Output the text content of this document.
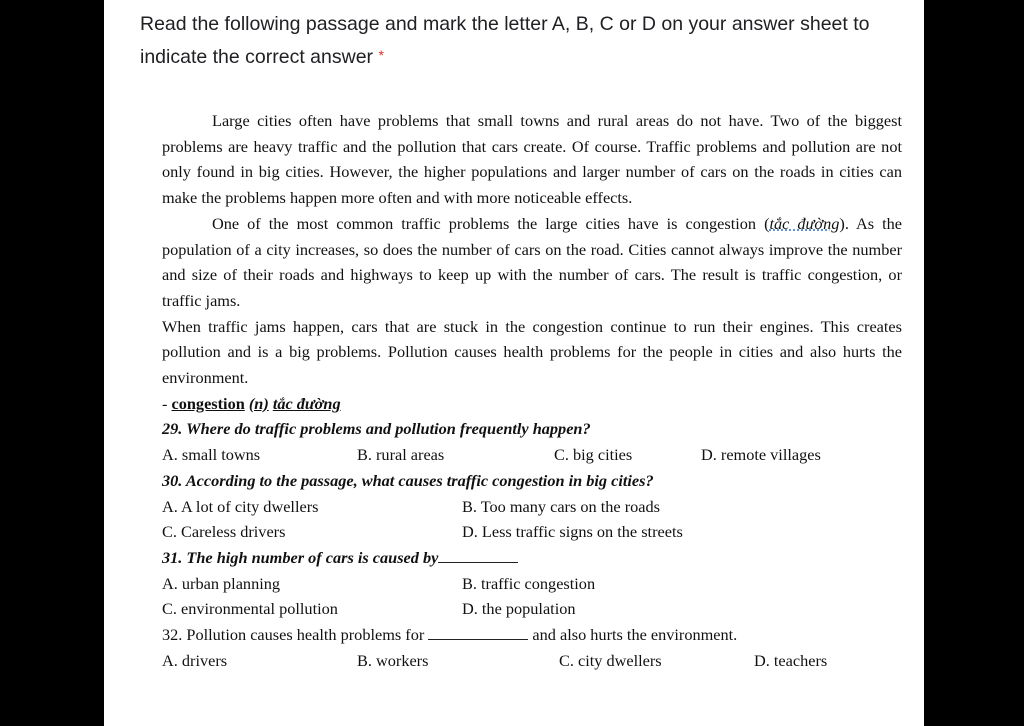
Read the following passage and mark the letter A, B, C or D on your answer sheet to indicate the correct answer *

Large cities often have problems that small towns and rural areas do not have. Two of the biggest problems are heavy traffic and the pollution that cars create. Of course. Traffic problems and pollution are not only found in big cities. However, the higher populations and larger number of cars on the roads in cities can make the problems happen more often and with more noticeable effects.

One of the most common traffic problems the large cities have is congestion (tắc đường). As the population of a city increases, so does the number of cars on the road. Cities cannot always improve the number and size of their roads and highways to keep up with the number of cars. The result is traffic congestion, or traffic jams.

When traffic jams happen, cars that are stuck in the congestion continue to run their engines. This creates pollution and is a big problems. Pollution causes health problems for the people in cities and also hurts the environment.

- congestion (n) tắc đường

29. Where do traffic problems and pollution frequently happen?

A. small towns	B. rural areas	C. big cities	D. remote villages

30. According to the passage, what causes traffic congestion in big cities?

A. A lot of city dwellers	B. Too many cars on the roads
C. Careless drivers	D. Less traffic signs on the streets

31. The high number of cars is caused by

A. urban planning	B. traffic congestion
C. environmental pollution	D. the population

32. Pollution causes health problems for	and also hurts the environment.

A. drivers	B. workers	C. city dwellers	D. teachers
